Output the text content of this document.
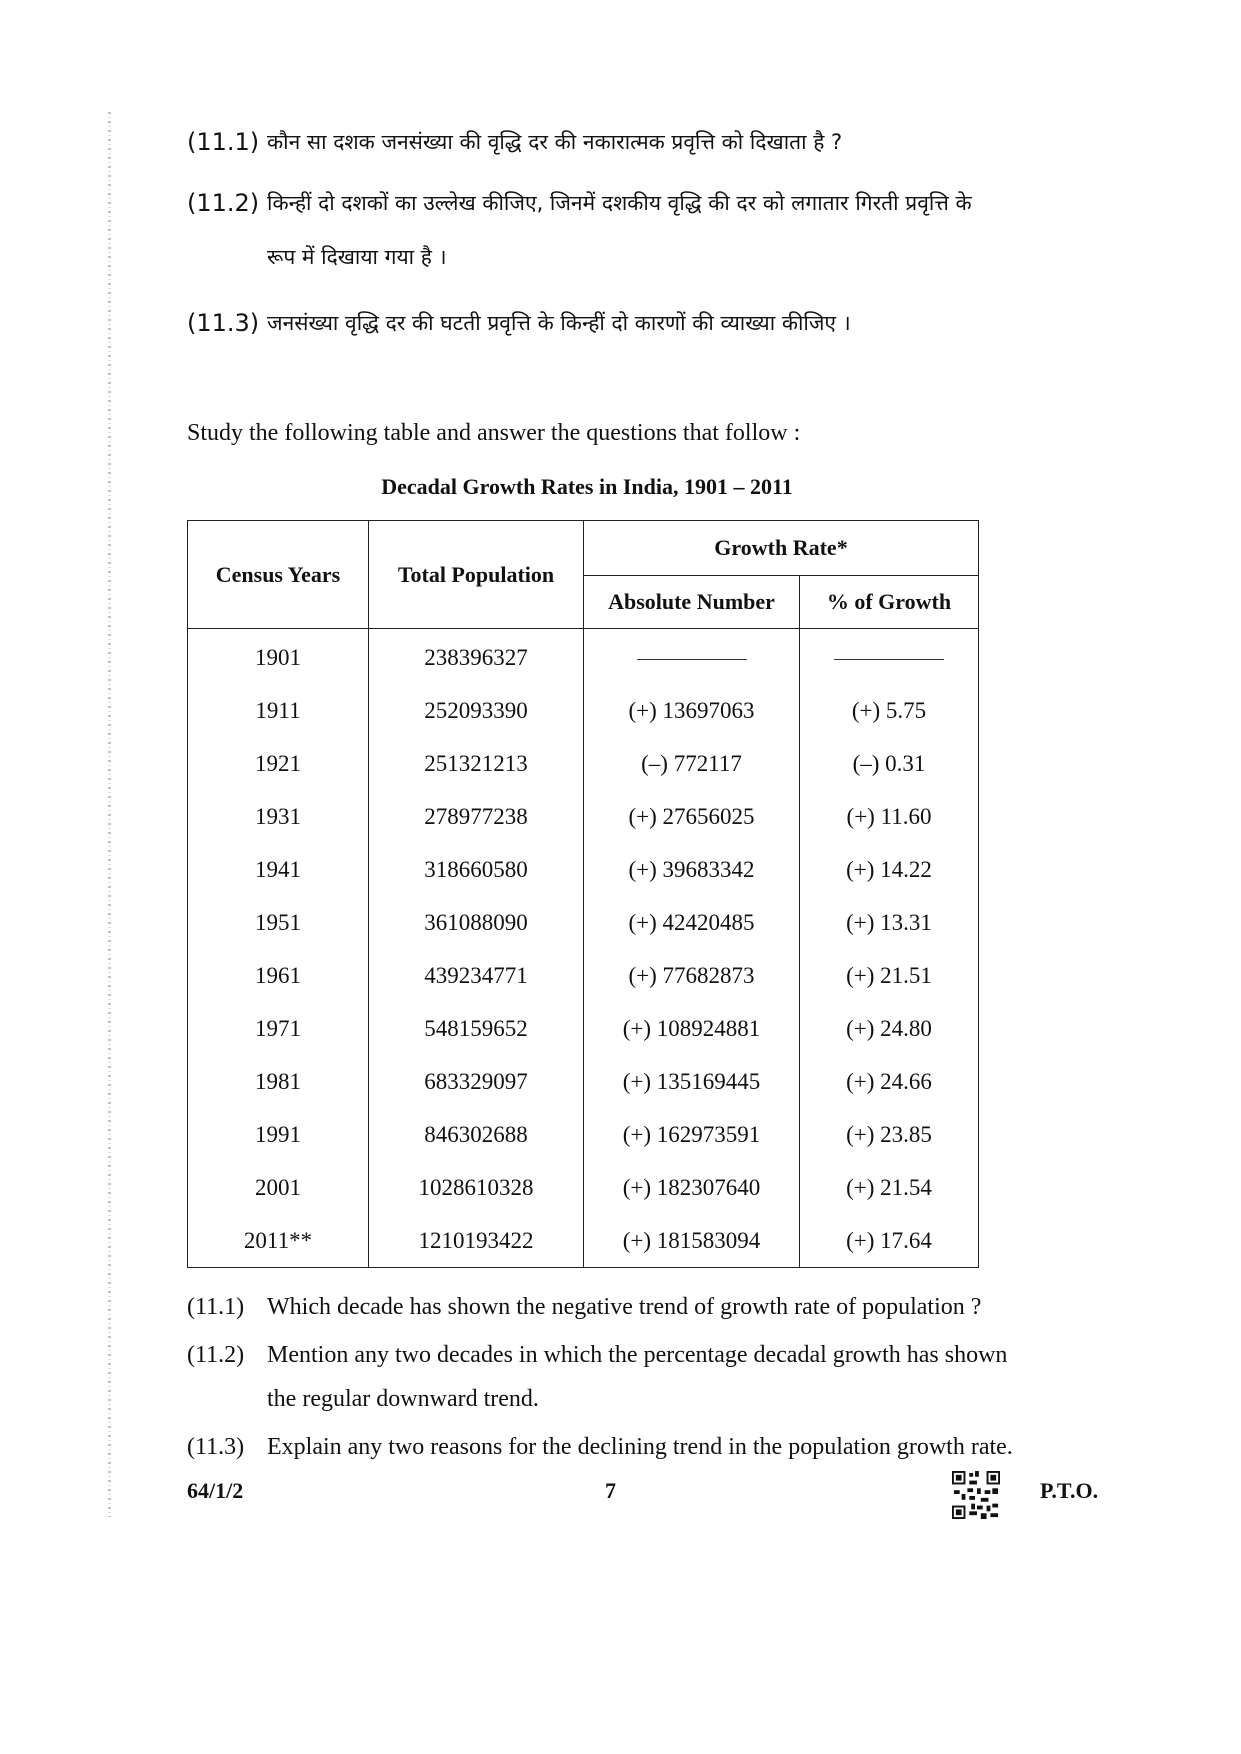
(11.1) कौन सा दशक जनसंख्या की वृद्धि दर की नकारात्मक प्रवृत्ति को दिखाता है ?
(11.2) किन्हीं दो दशकों का उल्लेख कीजिए, जिनमें दशकीय वृद्धि की दर को लगातार गिरती प्रवृत्ति के
रूप में दिखाया गया है ।
(11.3) जनसंख्या वृद्धि दर की घटती प्रवृत्ति के किन्हीं दो कारणों की व्याख्या कीजिए ।
Study the following table and answer the questions that follow :
Decadal Growth Rates in India, 1901 – 2011
Census Years	Total Population	Growth Rate*	
		Absolute Number	% of Growth
1901	238396327		
1911	252093390	(+) 13697063	(+) 5.75
1921	251321213	(–) 772117	(–) 0.31
1931	278977238	(+) 27656025	(+) 11.60
1941	318660580	(+) 39683342	(+) 14.22
1951	361088090	(+) 42420485	(+) 13.31
1961	439234771	(+) 77682873	(+) 21.51
1971	548159652	(+) 108924881	(+) 24.80
1981	683329097	(+) 135169445	(+) 24.66
1991	846302688	(+) 162973591	(+) 23.85
2001	1028610328	(+) 182307640	(+) 21.54
2011**	1210193422	(+) 181583094	(+) 17.64
(11.1) Which decade has shown the negative trend of growth rate of population ?
(11.2) Mention any two decades in which the percentage decadal growth has shown
the regular downward trend.
(11.3) Explain any two reasons for the declining trend in the population growth rate.
64/1/2	7	P.T.O.
